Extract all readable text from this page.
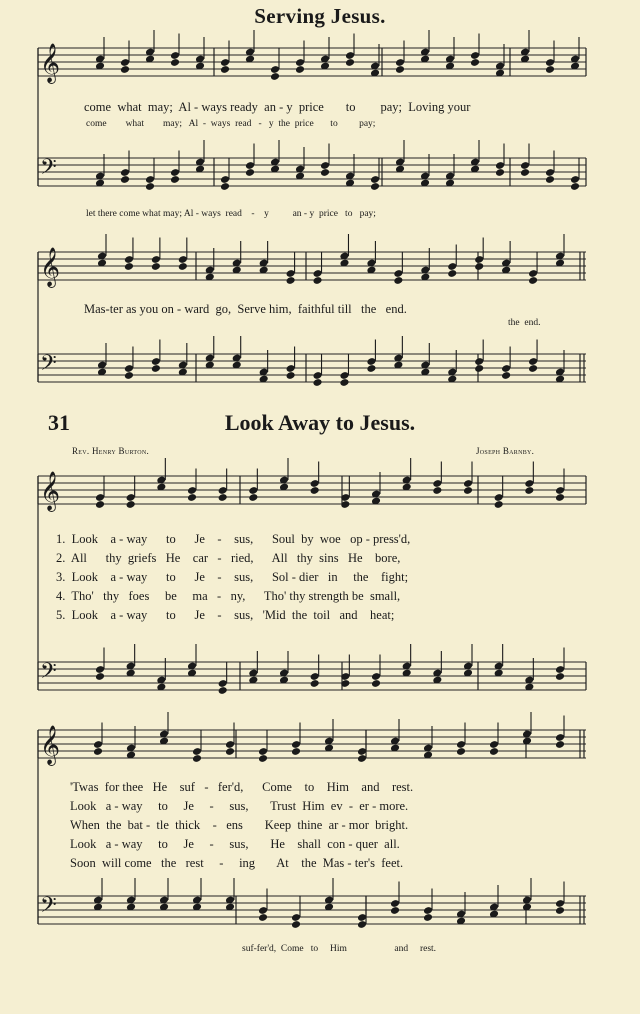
Serving Jesus.
𝄞
𝄢
𝄞
𝄢
𝄞
𝄢
𝄞
𝄢
come  what  may;  Al - ways ready  an - y  price       to        pay;  Loving your
come        what        may;   Al  -  ways  read   -   y  the  price       to         pay;
let there come what may; Al - ways  read    -    y          an - y  price   to   pay;
Mas-ter as you on - ward  go,  Serve him,  faithful till   the   end.
the  end.
31	Look Away to Jesus.
Rev. Henry Burton.	Joseph Barnby.
1.  Look    a - way      to      Je    -    sus,      Soul  by  woe   op - press'd,
2.  All      thy  griefs   He    car   -   ried,      All   thy  sins   He    bore,
3.  Look    a - way      to      Je    -    sus,      Sol - dier   in     the    fight;
4.  Tho'   thy   foes     be     ma   -   ny,      Tho' thy strength be  small,
5.  Look    a - way      to      Je    -    sus,   'Mid  the  toil   and    heat;
'Twas  for thee   He    suf   -   fer'd,      Come    to    Him    and    rest.
Look   a - way     to     Je     -     sus,       Trust  Him  ev  -  er - more.
When  the  bat -  tle  thick    -   ens       Keep  thine  ar - mor  bright.
Look   a - way     to     Je     -     sus,       He    shall  con - quer  all.
Soon  will come   the   rest     -     ing       At    the  Mas - ter's  feet.
suf-fer'd,  Come   to     Him                    and     rest.
